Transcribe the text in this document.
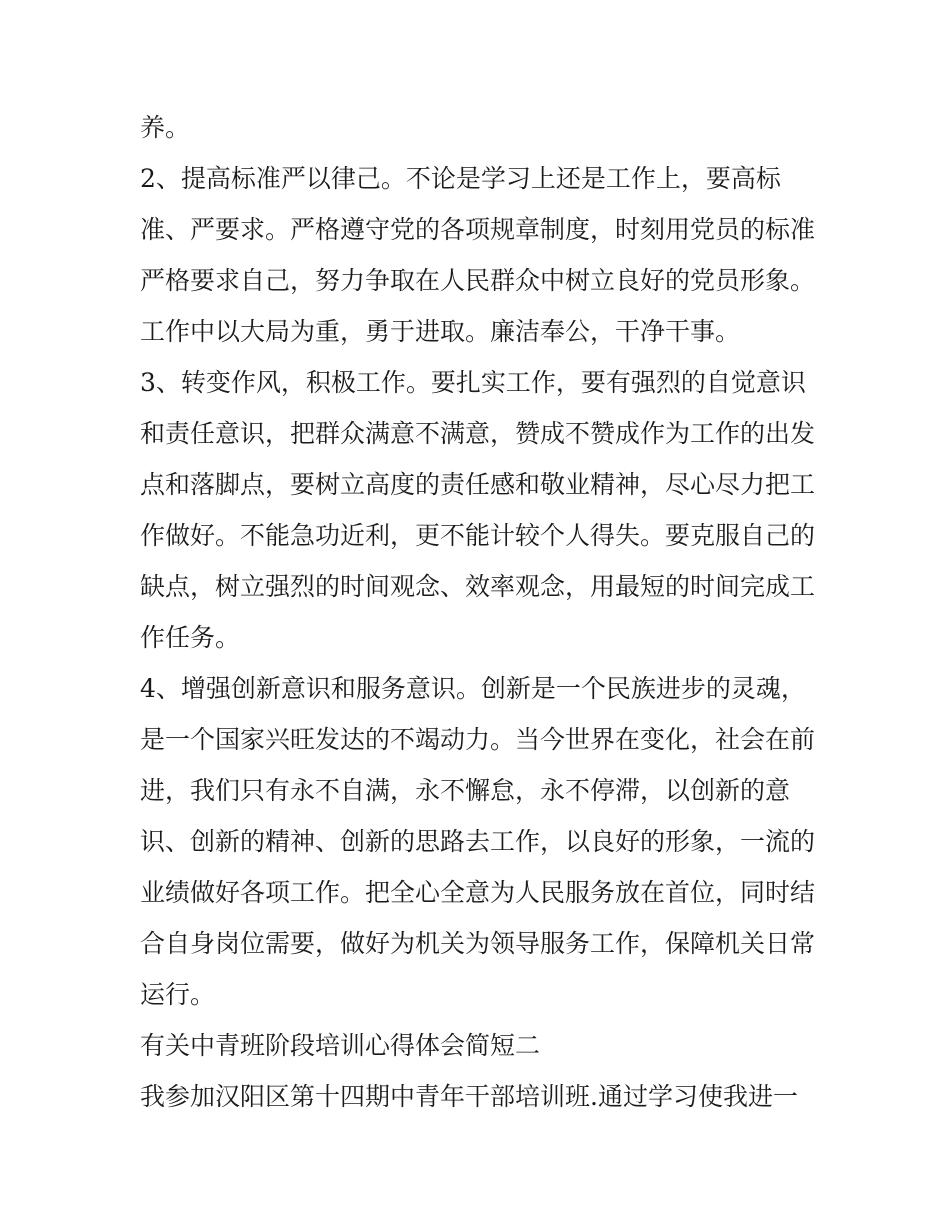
养。
2、提高标准严以律己。不论是学习上还是工作上，要高标
准、严要求。严格遵守党的各项规章制度，时刻用党员的标准
严格要求自己，努力争取在人民群众中树立良好的党员形象。
工作中以大局为重，勇于进取。廉洁奉公，干净干事。
3、转变作风，积极工作。要扎实工作，要有强烈的自觉意识
和责任意识，把群众满意不满意，赞成不赞成作为工作的出发
点和落脚点，要树立高度的责任感和敬业精神，尽心尽力把工
作做好。不能急功近利，更不能计较个人得失。要克服自己的
缺点，树立强烈的时间观念、效率观念，用最短的时间完成工
作任务。
4、增强创新意识和服务意识。创新是一个民族进步的灵魂，
是一个国家兴旺发达的不竭动力。当今世界在变化，社会在前
进，我们只有永不自满，永不懈怠，永不停滞，以创新的意
识、创新的精神、创新的思路去工作，以良好的形象，一流的
业绩做好各项工作。把全心全意为人民服务放在首位，同时结
合自身岗位需要，做好为机关为领导服务工作，保障机关日常
运行。
有关中青班阶段培训心得体会简短二
我参加汉阳区第十四期中青年干部培训班.通过学习使我进一
